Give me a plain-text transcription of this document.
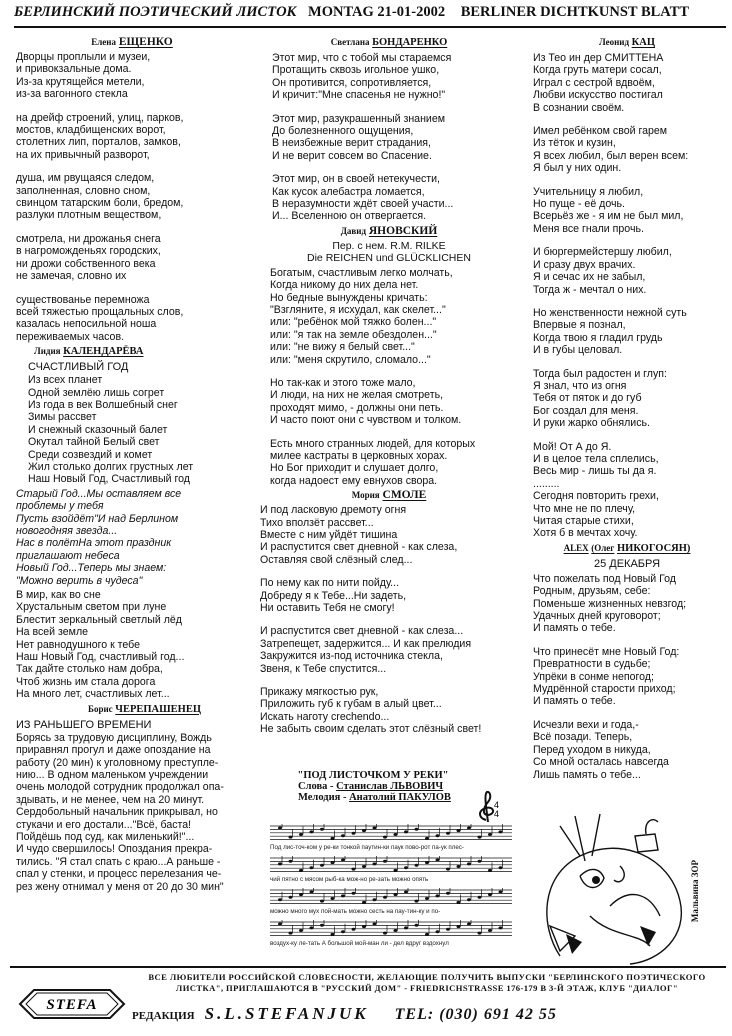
БЕРЛИНСКИЙ ПОЭТИЧЕСКИЙ ЛИСТОК MONTAG 21-01-2002 BERLINER DICHTKUNST BLATT
Елена ЕЩЕНКО
Дворцы проплыли и музеи,
и привокзальные дома.
Из-за крутящейся метели,
из-за вагонного стекла
на дрейф строений, улиц, парков,
мостов, кладбищенских ворот,
столетних лип, порталов, замков,
на их привычный разворот,
душа, им рвущаяся следом,
заполненная, словно сном,
свинцом татарским боли, бредом,
разлуки плотным веществом,
смотрела, ни дрожанья снега
в нагроможденьях городских,
ни дрожи собственного века
не замечая, словно их
существованье перемножа
всей тяжестью прощальных слов,
казалась непосильной ноша
переживаемых часов.
Лидия КАЛЕНДАРЁВА
СЧАСТЛИВЫЙ ГОД
Из всех планет
Одной землёю лишь согрет
Из года в век Волшебный снег
Зимы рассвет
И снежный сказочный балет
Окутал тайной Белый свет
Среди созвездий и комет
Жил столько долгих грустных лет
Наш Новый Год, Счастливый год
Старый Год...Мы оставляем все
проблемы у тебя
Пусть взойдёт"И над Берлином
новогодняя звезда...
Нас в полётНа этот праздник
приглашают небеса
Новый Год...Теперь мы знаем:
"Можно верить в чудеса"
В мир, как во сне
Хрустальным светом при луне
Блестит зеркальный светлый лёд
На всей земле
Нет равнодушного к тебе
Наш Новый Год, счастливый год...
Так дайте столько нам добра,
Чтоб жизнь им стала дорога
На много лет, счастливых лет...
Борис ЧЕРЕПАШЕНЕЦ
ИЗ РАНЬШЕГО ВРЕМЕНИ
Борясь за трудовую дисциплину, Вождь
приравнял прогул и даже опоздание на
работу (20 мин) к уголовному преступле-
нию... В одном маленьком учреждении
очень молодой сотрудник продолжал опа-
здывать, и не менее, чем на 20 минут.
Сердобольный начальник прикрывал, но
стукачи и его достали..."Всё, баста!
Пойдёшь под суд, как миленький!"...
И чудо свершилось! Опоздания прекра-
тились. "Я стал спать с краю...А раньше -
спал у стенки, и процесс перелезания че-
рез жену отнимал у меня от 20 до 30 мин"
Светлана БОНДАРЕНКО
Этот мир, что с тобой мы стараемся
Протащить сквозь игольное ушко,
Он противится, сопротивляется,
И кричит:"Мне спасенья не нужно!"
Этот мир, разукрашенный знанием
До болезненного ощущения,
В неизбежные верит страдания,
И не верит совсем во Спасение.
Этот мир, он в своей нетекучести,
Как кусок алебастра ломается,
В неразумности ждёт своей участи...
И... Вселенною он отвергается.
Давид ЯНОВСКИЙ
Пер. с нем. R.M. RILKE
Die REICHEN und GLÜCKLICHEN
Богатым, счастливым легко молчать,
Когда никому до них дела нет.
Но бедные вынуждены кричать:
"Взгляните, я исхудал, как скелет..."
или: "ребёнок мой тяжко болен..."
или: "я так на земле обездолен..."
или: "не вижу я белый свет..."
или: "меня скрутило, сломало..."
Но так-как и этого тоже мало,
И люди, на них не желая смотреть,
проходят мимо, - должны они петь.
И часто поют они с чувством и толком.
Есть много странных людей, для которых
милее кастраты в церковных хорах.
Но Бог приходит и слушает долго,
когда надоест ему евнухов свора.
Мория СМОЛЕ
И под ласковую дремоту огня
Тихо вползёт рассвет...
Вместе с ним уйдёт тишина
И распустится свет дневной - как слеза,
Оставляя свой слёзный след...
По нему как по нити пойду...
Добреду я к Тебе...Ни задеть,
Ни оставить Тебя не смогу!
И распустится свет дневной - как слеза...
Затрепещет, задержится... И как прелюдия
Закружится из-под источника стекла,
Звеня, к Тебе спустится...
Прикажу мягкостью рук,
Приложить губ к губам в алый цвет...
Искать наготу crechendo...
Не забыть своим сделать этот слёзный свет!
"ПОД ЛИСТОЧКОМ У РЕКИ"
Слова - Станислав ЛЬВОВИЧ
Мелодия - Анатолий ПАКУЛОВ
4
4
Под лис-точ-ком у ре-ки тонкой паутин-ки паук пово-рот па-ук плес-
чий пятно с мясом рыб-ка мож-но ре-зать можно опять
можно много мух пой-мать можно сесть на пау-тин-ку и по-
воздух-ку ле-тать А большой мой-ман ли - дел вдруг вздохнул
Леонид КАЦ
Из Тео ин дер СМИТТЕНА
Когда груть матери сосал,
Играл с сестрой вдвоём,
Любви искусство постигал
В сознании своём.
Имел ребёнком свой гарем
Из тёток и кузин,
Я всех любил, был верен всем:
Я был у них один.
Учительницу я любил,
Но пуще - её дочь.
Всерьёз же - я им не был мил,
Меня все гнали прочь.
И бюргермейстершу любил,
И сразу двух врачих.
Я и сечас их не забыл,
Тогда ж - мечтал о них.
Но женственности нежной суть
Впервые я познал,
Когда твою я гладил грудь
И в губы целовал.
Тогда был радостен и глуп:
Я знал, что из огня
Тебя от пяток и до губ
Бог создал для меня.
И руки жарко обнялись.
Мой! От А до Я.
И в целое тела сплелись,
Весь мир - лишь ты да я.
.........
Сегодня повторить грехи,
Что мне не по плечу,
Читая старые стихи,
Хотя б в мечтах хочу.
ALEX (Олег НИКОГОСЯН)
25 ДЕКАБРЯ
Что пожелать под Новый Год
Родным, друзьям, себе:
Поменьше жизненных невзгод;
Удачных дней круговорот;
И память о тебе.
Что принесёт мне Новый Год:
Превратности в судьбе;
Упрёки в сонме непогод;
Мудрённой старости приход;
И память о тебе.
Исчезли вехи и года,-
Всё позади. Теперь,
Перед уходом в никуда,
Со мной осталась навсегда
Лишь память о тебе...
Мальвина ЗОР
STEFA
ВСЕ ЛЮБИТЕЛИ РОССИЙСКОЙ СЛОВЕСНОСТИ, ЖЕЛАЮЩИЕ ПОЛУЧИТЬ ВЫПУСКИ "БЕРЛИНСКОГО ПОЭТИЧЕСКОГО ЛИСТКА", ПРИГЛАШАЮТСЯ В "РУССКИЙ ДОМ" - FRIEDRICHSTRASSE 176-179 В 3-Й ЭТАЖ, КЛУБ "ДИАЛОГ"
РЕДАКЦИЯ S.L.STEFANJUK TEL: (030) 691 42 55
